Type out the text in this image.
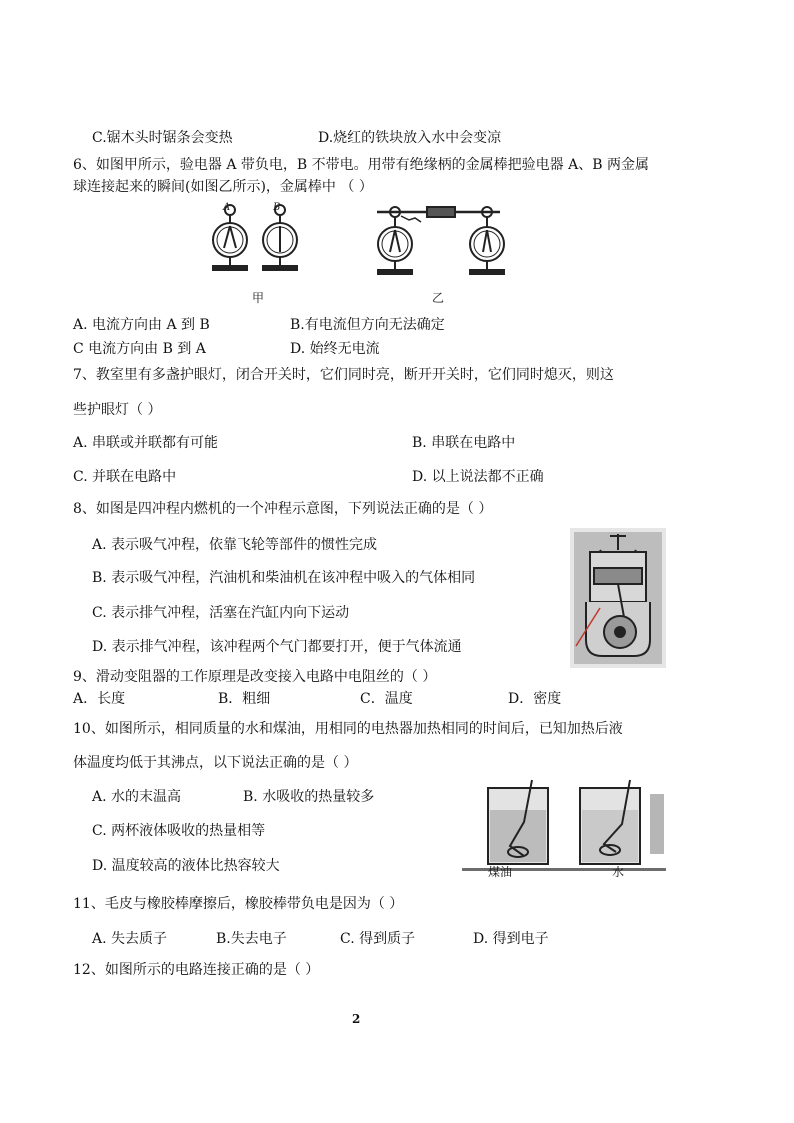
C.锯木头时锯条会变热	D.烧红的铁块放入水中会变凉
6、如图甲所示，验电器 A 带负电，B 不带电。用带有绝缘柄的金属棒把验电器 A、B 两金属
球连接起来的瞬间(如图乙所示)，金属棒中 （ ）
A	B
甲	乙
A. 电流方向由 A 到 B	B.有电流但方向无法确定
C 电流方向由 B 到 A	D. 始终无电流
7、教室里有多盏护眼灯，闭合开关时，它们同时亮，断开开关时，它们同时熄灭，则这
些护眼灯（ ）
A. 串联或并联都有可能	B. 串联在电路中
C. 并联在电路中	D. 以上说法都不正确
8、如图是四冲程内燃机的一个冲程示意图，下列说法正确的是（ ）
A. 表示吸气冲程，依靠飞轮等部件的惯性完成
B. 表示吸气冲程，汽油机和柴油机在该冲程中吸入的气体相同
C. 表示排气冲程，活塞在汽缸内向下运动
D. 表示排气冲程，该冲程两个气门都要打开，便于气体流通
9、滑动变阻器的工作原理是改变接入电路中电阻丝的（ ）
A．长度	B．粗细	C．温度	D．密度
10、如图所示，相同质量的水和煤油，用相同的电热器加热相同的时间后，已知加热后液
体温度均低于其沸点，以下说法正确的是（ ）
A. 水的末温高	B. 水吸收的热量较多
C. 两杯液体吸收的热量相等
D. 温度较高的液体比热容较大	煤油	水
11、毛皮与橡胶棒摩擦后，橡胶棒带负电是因为（ ）
A. 失去质子	B.失去电子	C. 得到质子	D. 得到电子
12、如图所示的电路连接正确的是（ ）
2
